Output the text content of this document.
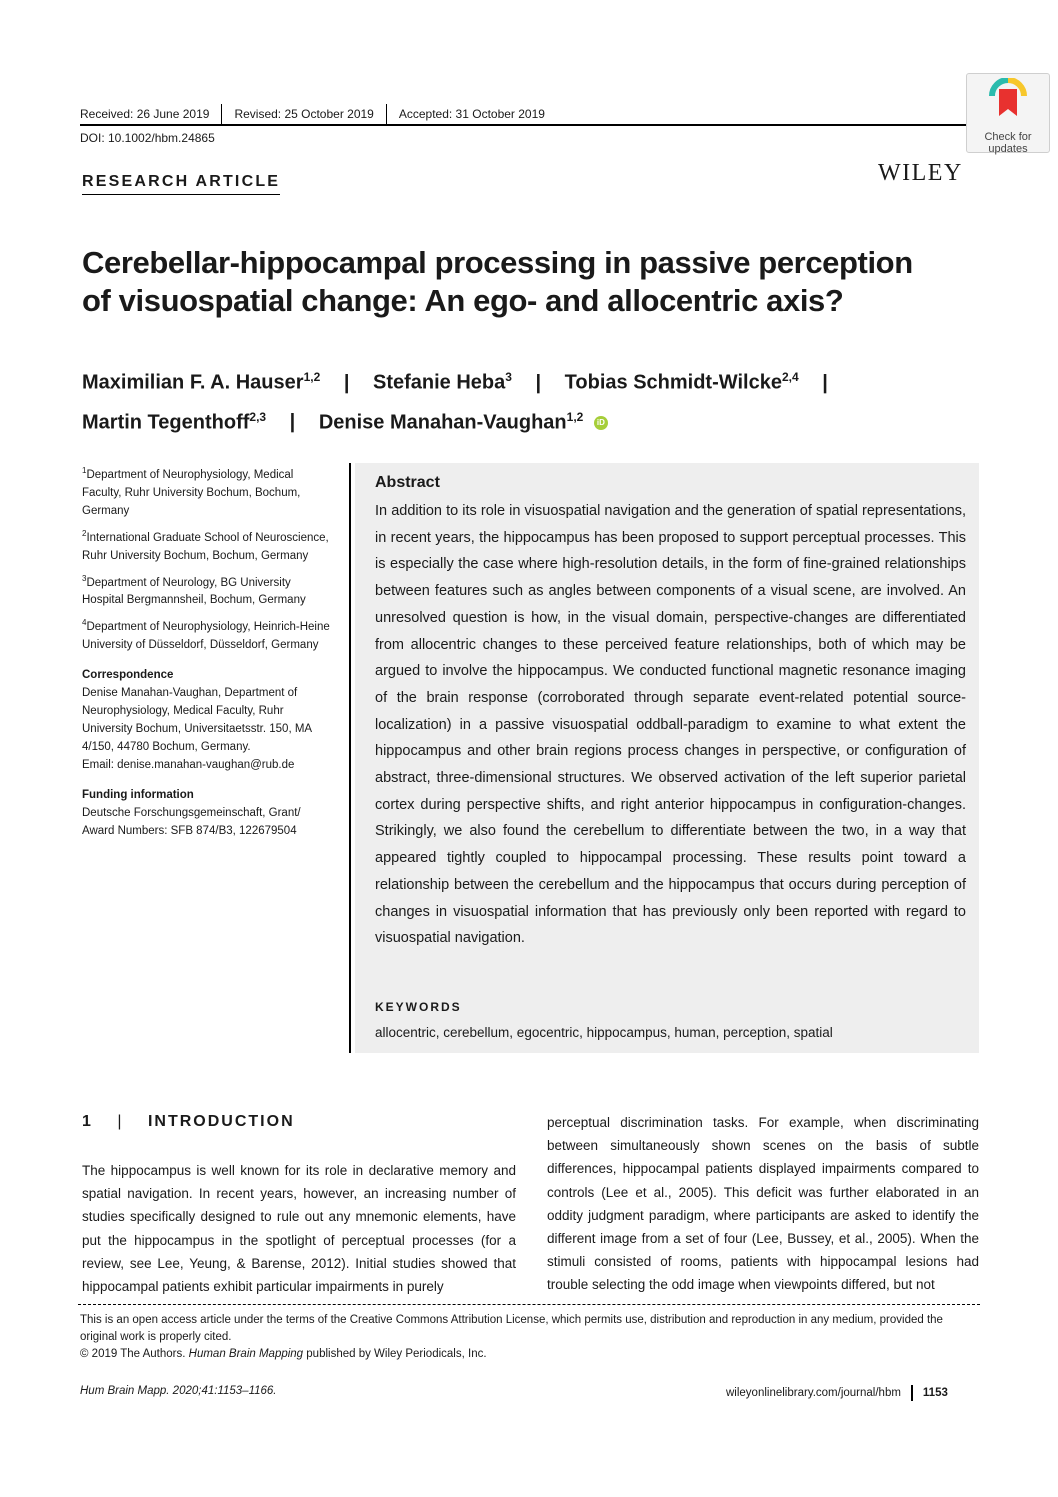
Received: 26 June 2019 Revised: 25 October 2019 Accepted: 31 October 2019
DOI: 10.1002/hbm.24865	Check for
updates
RESEARCH ARTICLE	WILEY
Cerebellar-hippocampal processing in passive perception
of visuospatial change: An ego- and allocentric axis?
Maximilian F. A. Hauser$^{1,2}$ | Stefanie Heba$^3$ | Tobias Schmidt-Wilcke$^{2,4}$ |
Martin Tegenthoff$^{2,3}$ | Denise Manahan-Vaughan$^{1,2}$ iD
$^1$Department of Neurophysiology, Medical Faculty, Ruhr University Bochum, Bochum, Germany
$^2$International Graduate School of Neuroscience, Ruhr University Bochum, Bochum, Germany
$^3$Department of Neurology, BG University Hospital Bergmannsheil, Bochum, Germany
$^4$Department of Neurophysiology, Heinrich-Heine University of Düsseldorf, Düsseldorf, Germany
Correspondence
Denise Manahan-Vaughan, Department of Neurophysiology, Medical Faculty, Ruhr University Bochum, Universitaetsstr. 150, MA 4/150, 44780 Bochum, Germany.
Email: denise.manahan-vaughan@rub.de
Funding information
Deutsche Forschungsgemeinschaft, Grant/ Award Numbers: SFB 874/B3, 122679504
Abstract
In addition to its role in visuospatial navigation and the generation of spatial representations, in recent years, the hippocampus has been proposed to support perceptual processes. This is especially the case where high-resolution details, in the form of fine-grained relationships between features such as angles between components of a visual scene, are involved. An unresolved question is how, in the visual domain, perspective-changes are differentiated from allocentric changes to these perceived feature relationships, both of which may be argued to involve the hippocampus. We conducted functional magnetic resonance imaging of the brain response (corroborated through separate event-related potential source-localization) in a passive visuospatial oddball-paradigm to examine to what extent the hippocampus and other brain regions process changes in perspective, or configuration of abstract, three-dimensional structures. We observed activation of the left superior parietal cortex during perspective shifts, and right anterior hippocampus in configuration-changes. Strikingly, we also found the cerebellum to differentiate between the two, in a way that appeared tightly coupled to hippocampal processing. These results point toward a relationship between the cerebellum and the hippocampus that occurs during perception of changes in visuospatial information that has previously only been reported with regard to visuospatial navigation.
KEYWORDS
allocentric, cerebellum, egocentric, hippocampus, human, perception, spatial
1 | INTRODUCTION
The hippocampus is well known for its role in declarative memory and spatial navigation. In recent years, however, an increasing number of studies specifically designed to rule out any mnemonic elements, have put the hippocampus in the spotlight of perceptual processes (for a review, see Lee, Yeung, & Barense, 2012). Initial studies showed that hippocampal patients exhibit particular impairments in purely
perceptual discrimination tasks. For example, when discriminating between simultaneously shown scenes on the basis of subtle differences, hippocampal patients displayed impairments compared to controls (Lee et al., 2005). This deficit was further elaborated in an oddity judgment paradigm, where participants are asked to identify the different image from a set of four (Lee, Bussey, et al., 2005). When the stimuli consisted of rooms, patients with hippocampal lesions had trouble selecting the odd image when viewpoints differed, but not
This is an open access article under the terms of the Creative Commons Attribution License, which permits use, distribution and reproduction in any medium, provided the original work is properly cited.
© 2019 The Authors. Human Brain Mapping published by Wiley Periodicals, Inc.
Hum Brain Mapp. 2020;41:1153–1166.	wileyonlinelibrary.com/journal/hbm 1153
